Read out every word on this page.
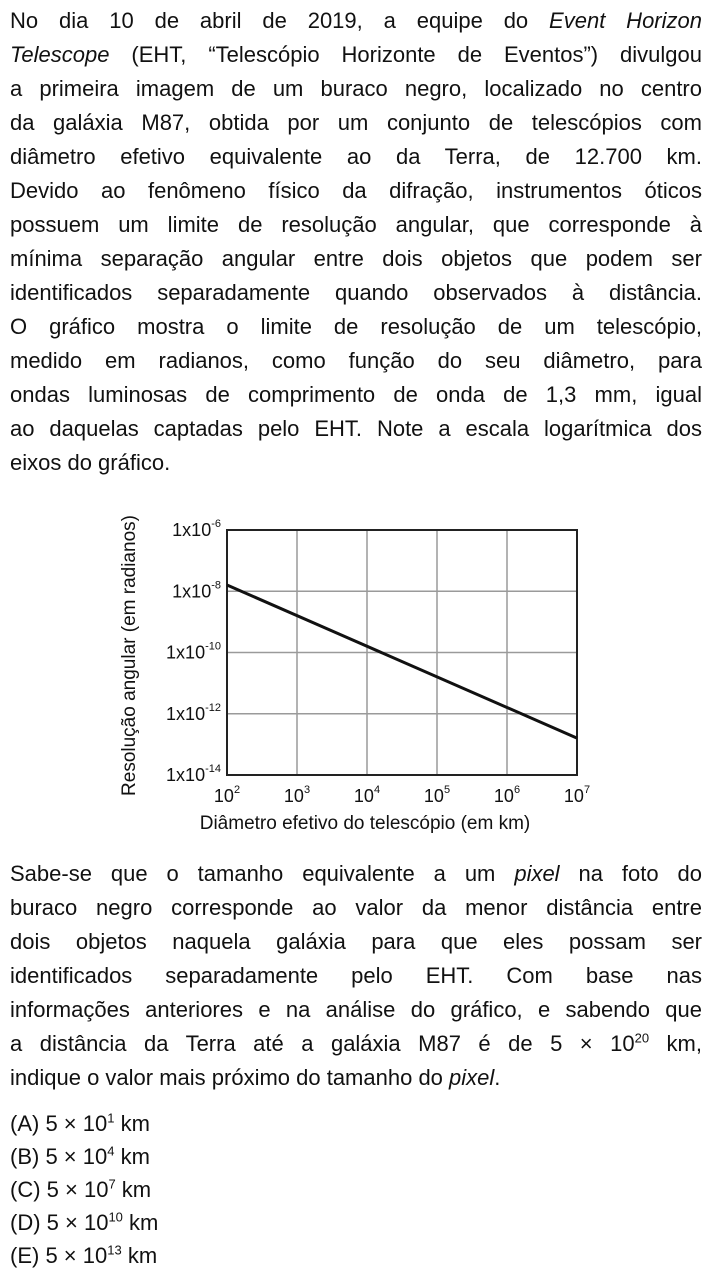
No dia 10 de abril de 2019, a equipe do Event Horizon
Telescope (EHT, “Telescópio Horizonte de Eventos”) divulgou
a primeira imagem de um buraco negro, localizado no centro
da galáxia M87, obtida por um conjunto de telescópios com
diâmetro efetivo equivalente ao da Terra, de 12.700 km.
Devido ao fenômeno físico da difração, instrumentos óticos
possuem um limite de resolução angular, que corresponde à
mínima separação angular entre dois objetos que podem ser
identificados separadamente quando observados à distância.
O gráfico mostra o limite de resolução de um telescópio,
medido em radianos, como função do seu diâmetro, para
ondas luminosas de comprimento de onda de 1,3 mm, igual
ao daquelas captadas pelo EHT. Note a escala logarítmica dos
eixos do gráfico.
$1x10^{-6}$
$1x10^{-8}$
$1x10^{-10}$
$1x10^{-12}$
$1x10^{-14}$
$10^2$ $10^3$ $10^4$ $10^5$ $10^6$ $10^7$
Resolução angular (em radianos)
Diâmetro efetivo do telescópio (em km)
Sabe-se que o tamanho equivalente a um pixel na foto do
buraco negro corresponde ao valor da menor distância entre
dois objetos naquela galáxia para que eles possam ser
identificados separadamente pelo EHT. Com base nas
informações anteriores e na análise do gráfico, e sabendo que
a distância da Terra até a galáxia M87 é de $5 \times 10^{20}$ km,
indique o valor mais próximo do tamanho do pixel.
(A) $5 \times 10^1$ km
(B) $5 \times 10^4$ km
(C) $5 \times 10^7$ km
(D) $5 \times 10^{10}$ km
(E) $5 \times 10^{13}$ km
